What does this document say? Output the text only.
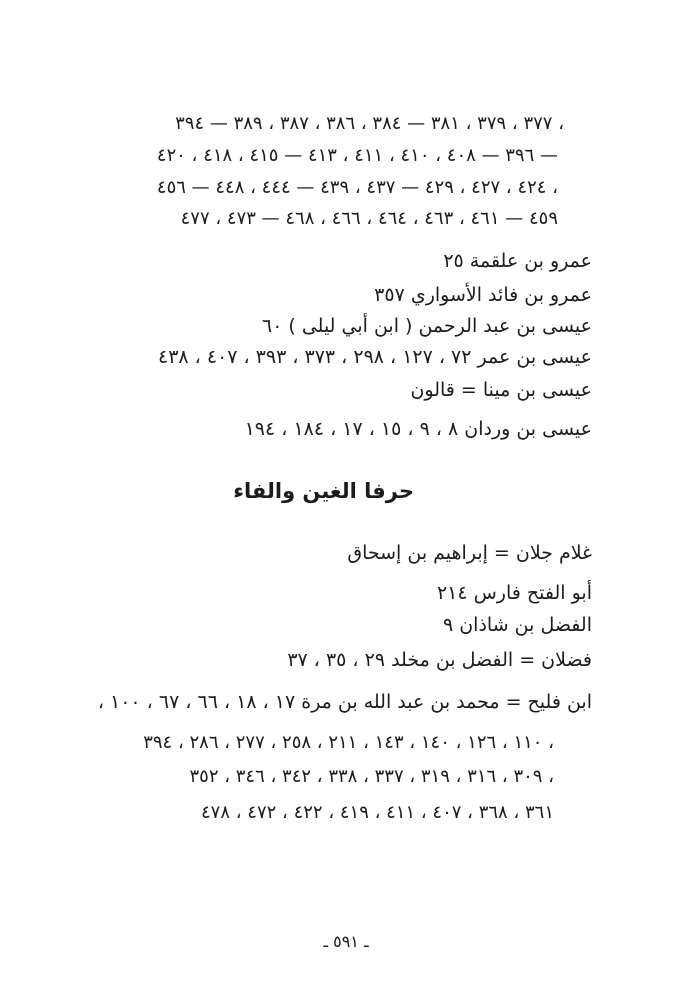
٣٧٧ ، ٣٧٩ ، ٣٨١ — ٣٨٤ ، ٣٨٦ ، ٣٨٧ ، ٣٨٩ — ٣٩٤ ،
٣٩٦ — ٤٠٨ ، ٤١٠ ، ٤١١ ، ٤١٣ — ٤١٥ ، ٤١٨ ، ٤٢٠ —
٤٢٤ ، ٤٢٧ ، ٤٢٩ — ٤٣٧ ، ٤٣٩ — ٤٤٤ ، ٤٤٨ — ٤٥٦ ،
٤٥٩ — ٤٦١ ، ٤٦٣ ، ٤٦٤ ، ٤٦٦ ، ٤٦٨ — ٤٧٣ ، ٤٧٧
عمرو بن علقمة ٢٥
عمرو بن فائد الأسواري ٣٥٧
عيسى بن عبد الرحمن ( ابن أبي ليلى ) ٦٠
عيسى بن عمر ٧٢ ، ١٢٧ ، ٢٩٨ ، ٣٧٣ ، ٣٩٣ ، ٤٠٧ ، ٤٣٨
عيسى بن مينا = قالون
عيسى بن وردان ٨ ، ٩ ، ١٥ ، ١٧ ، ١٨٤ ، ١٩٤
حرفا الغين والفاء
غلام جلان = إبراهيم بن إسحاق
أبو الفتح فارس ٢١٤
الفضل بن شاذان ٩
فضلان = الفضل بن مخلد ٢٩ ، ٣٥ ، ٣٧
ابن فليح = محمد بن عبد الله بن مرة ١٧ ، ١٨ ، ٦٦ ، ٦٧ ، ١٠٠ ،
١١٠ ، ١٢٦ ، ١٤٠ ، ١٤٣ ، ٢١١ ، ٢٥٨ ، ٢٧٧ ، ٢٨٦ ، ٣٩٤ ،
٣٠٩ ، ٣١٦ ، ٣١٩ ، ٣٣٧ ، ٣٣٨ ، ٣٤٢ ، ٣٤٦ ، ٣٥٢ ،
٣٦١ ، ٣٦٨ ، ٤٠٧ ، ٤١١ ، ٤١٩ ، ٤٢٢ ، ٤٧٢ ، ٤٧٨
ـ ٥٩١ ـ
